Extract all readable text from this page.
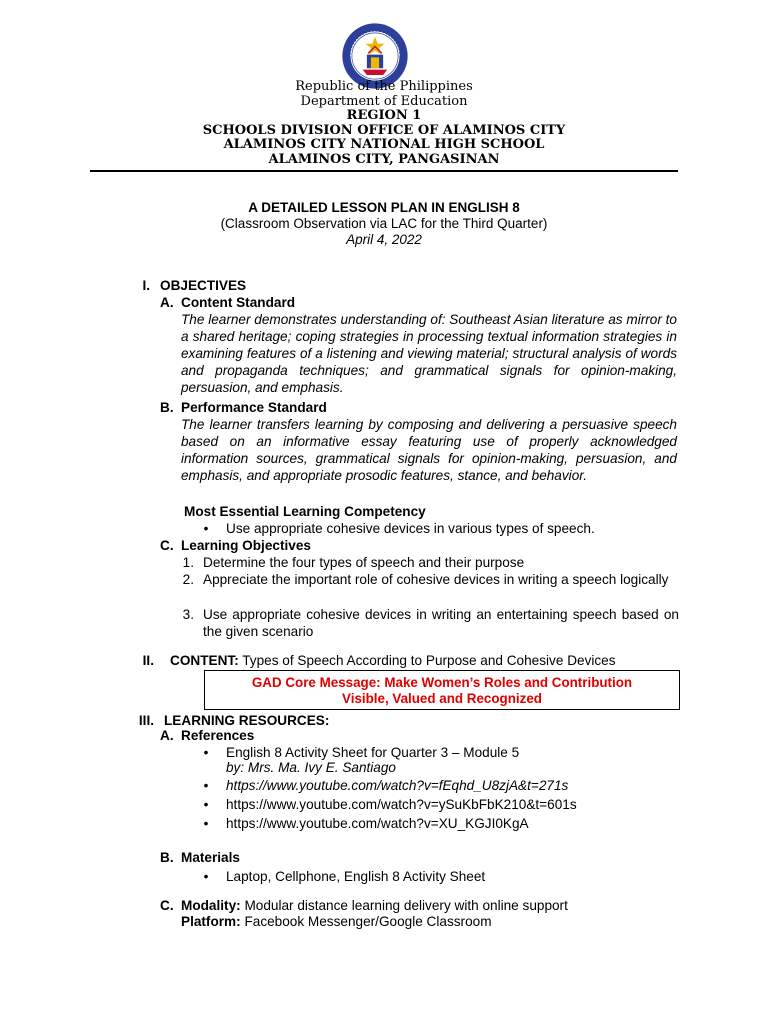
Republic of the Philippines
Department of Education
REGION 1
SCHOOLS DIVISION OFFICE OF ALAMINOS CITY
ALAMINOS CITY NATIONAL HIGH SCHOOL
ALAMINOS CITY, PANGASINAN
A DETAILED LESSON PLAN IN ENGLISH 8
(Classroom Observation via LAC for the Third Quarter)
April 4, 2022
I. OBJECTIVES
A. Content Standard
The learner demonstrates understanding of: Southeast Asian literature as mirror to a shared heritage; coping strategies in processing textual information strategies in examining features of a listening and viewing material; structural analysis of words and propaganda techniques; and grammatical signals for opinion-making, persuasion, and emphasis.
B. Performance Standard
The learner transfers learning by composing and delivering a persuasive speech based on an informative essay featuring use of properly acknowledged information sources, grammatical signals for opinion-making, persuasion, and emphasis, and appropriate prosodic features, stance, and behavior.
Most Essential Learning Competency
• Use appropriate cohesive devices in various types of speech.
C. Learning Objectives
1. Determine the four types of speech and their purpose
2. Appreciate the important role of cohesive devices in writing a speech logically
3. Use appropriate cohesive devices in writing an entertaining speech based on the given scenario
II. CONTENT: Types of Speech According to Purpose and Cohesive Devices
GAD Core Message: Make Women’s Roles and Contribution
Visible, Valued and Recognized
III. LEARNING RESOURCES:
A. References
• English 8 Activity Sheet for Quarter 3 – Module 5
by: Mrs. Ma. Ivy E. Santiago
• https://www.youtube.com/watch?v=fEqhd_U8zjA&t=271s
• https://www.youtube.com/watch?v=ySuKbFbK210&t=601s
• https://www.youtube.com/watch?v=XU_KGJI0KgA
B. Materials
• Laptop, Cellphone, English 8 Activity Sheet
C. Modality: Modular distance learning delivery with online support
Platform: Facebook Messenger/Google Classroom
